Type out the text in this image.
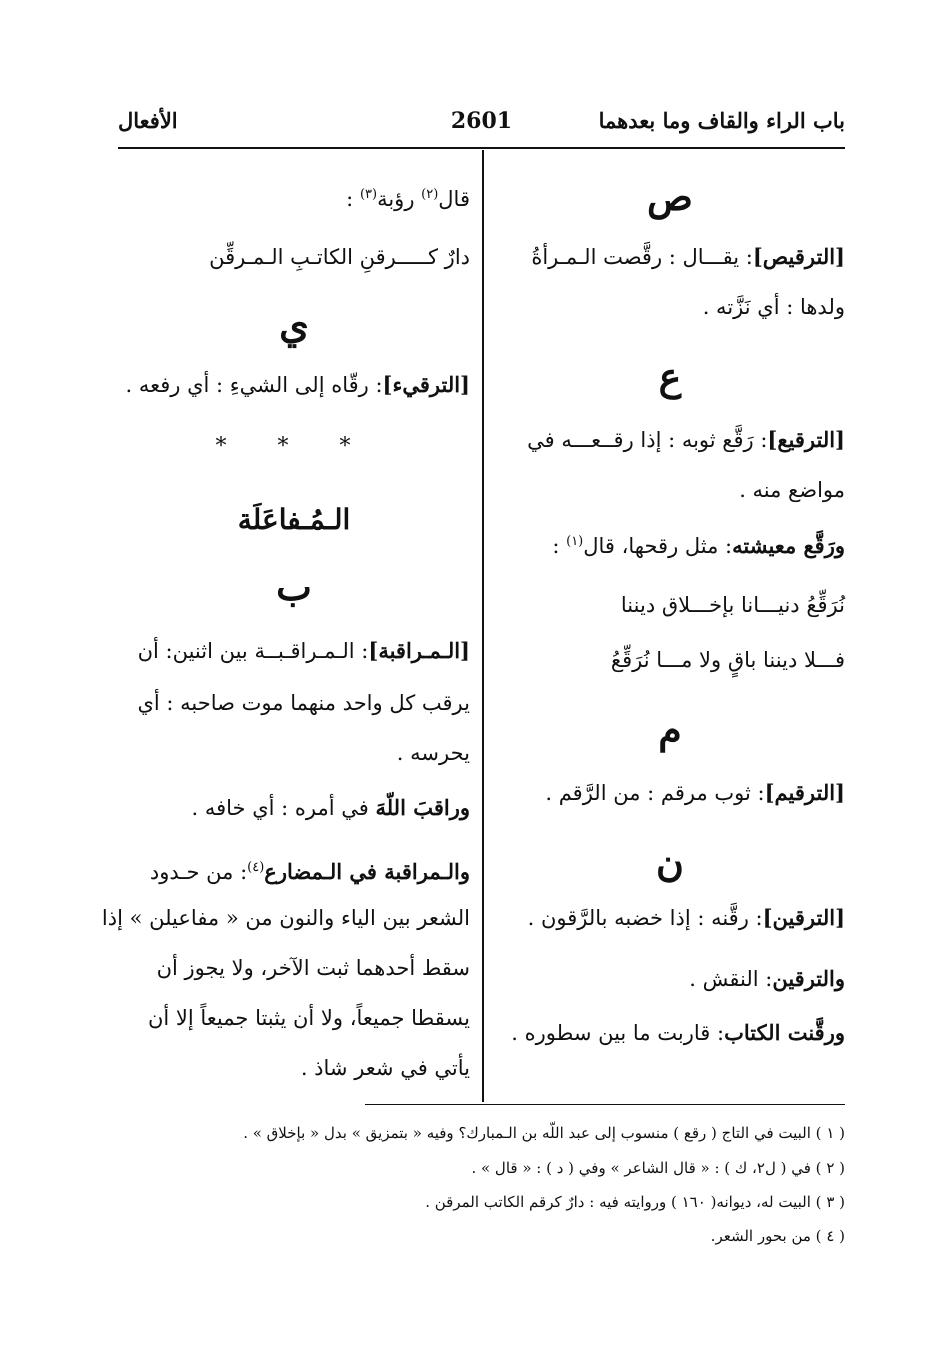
باب الراء والقاف وما بعدهما
2601
الأفعال
ص
[الترقيص]: يقـــال : رقَّصت الـمـرأةُ
ولدها : أي نَزَّته .
ع
[الترقيع]: رَقَّع ثوبه : إذا رقــعـــه في
مواضع منه .
ورَقَّع معيشته: مثل رقحها، قال$^{(١)}$ :
نُرَقِّعُ دنيـــانا بإخـــلاق ديننا
فـــلا ديننا باقٍ ولا مـــا نُرَقِّعُ
م
[الترقيم]: ثوب مرقم : من الرَّقم .
ن
[الترقين]: رقَّنه : إذا خضبه بالرَّقون .
والترقين: النقش .
ورقَّنت الكتاب: قاربت ما بين سطوره .
قال$^{(٢)}$ رؤبة$^{(٣)}$ :
دارٌ كـــــرقنِ الكاتـبِ الـمـرقِّن
ي
[الترقيء]: رقّاه إلى الشيءِ : أي رفعه .
* * *
الـمُـفاعَلَة
ب
[الـمـراقبة]: الـمـراقـبــة بين اثنين: أن
يرقب كل واحد منهما موت صاحبه : أي
يحرسه .
وراقبَ اللّهَ في أمره : أي خافه .
والـمراقبة في الـمضارع$^{(٤)}$: من حـدود
الشعر بين الياء والنون من « مفاعيلن » إذا
سقط أحدهما ثبت الآخر، ولا يجوز أن
يسقطا جميعاً، ولا أن يثبتا جميعاً إلا أن
يأتي في شعر شاذ .
( ١ ) البيت في التاج ( رقع ) منسوب إلى عبد اللّه بن الـمبارك؟ وفيه « بتمزيق » بدل « بإخلاق » .
( ٢ ) في ( ل٢، ك ) : « قال الشاعر » وفي ( د ) : « قال » .
( ٣ ) البيت له، ديوانه( ١٦٠ ) وروايته فيه : دارٌ كرقم الكاتب المرقن .
( ٤ ) من بحور الشعر.
